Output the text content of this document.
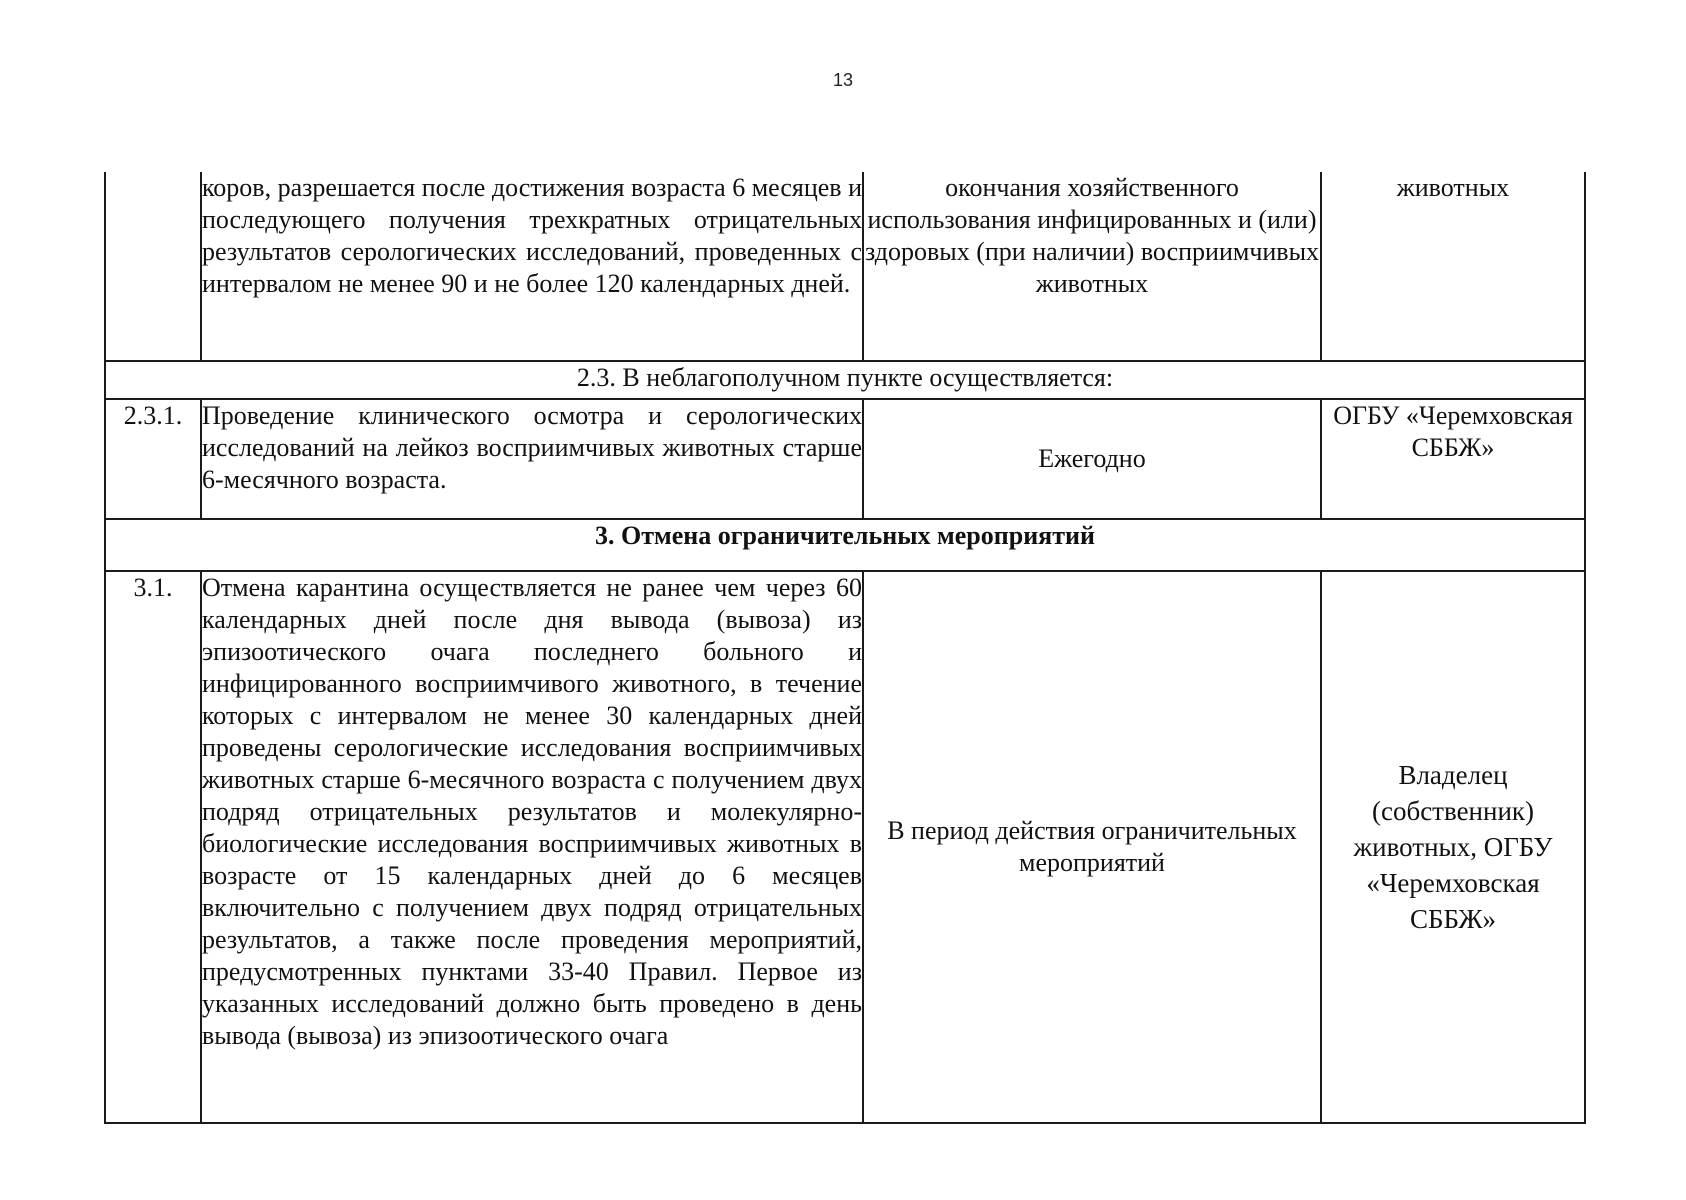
13

	коров, разрешается после достижения возраста 6 месяцев и последующего получения трехкратных отрицательных результатов серологических исследований, проведенных с интервалом не менее 90 и не более 120 календарных дней.	окончания хозяйственного использования инфицированных и (или) здоровых (при наличии) восприимчивых животных	животных
2.3. В неблагополучном пункте осуществляется:			
2.3.1.	Проведение клинического осмотра и серологических исследований на лейкоз восприимчивых животных старше 6-месячного возраста.	Ежегодно	ОГБУ «Черемховская СББЖ»
3. Отмена ограничительных мероприятий			
3.1.	Отмена карантина осуществляется не ранее чем через 60 календарных дней после дня вывода (вывоза) из эпизоотического очага последнего больного и инфицированного восприимчивого животного, в течение которых с интервалом не менее 30 календарных дней проведены серологические исследования восприимчивых животных старше 6-месячного возраста с получением двух подряд отрицательных результатов и молекулярно-биологические исследования восприимчивых животных в возрасте от 15 календарных дней до 6 месяцев включительно с получением двух подряд отрицательных результатов, а также после проведения мероприятий, предусмотренных пунктами 33-40 Правил. Первое из указанных исследований должно быть проведено в день вывода (вывоза) из эпизоотического очага	В период действия ограничительных мероприятий	Владелец (собственник) животных, ОГБУ «Черемховская СББЖ»
